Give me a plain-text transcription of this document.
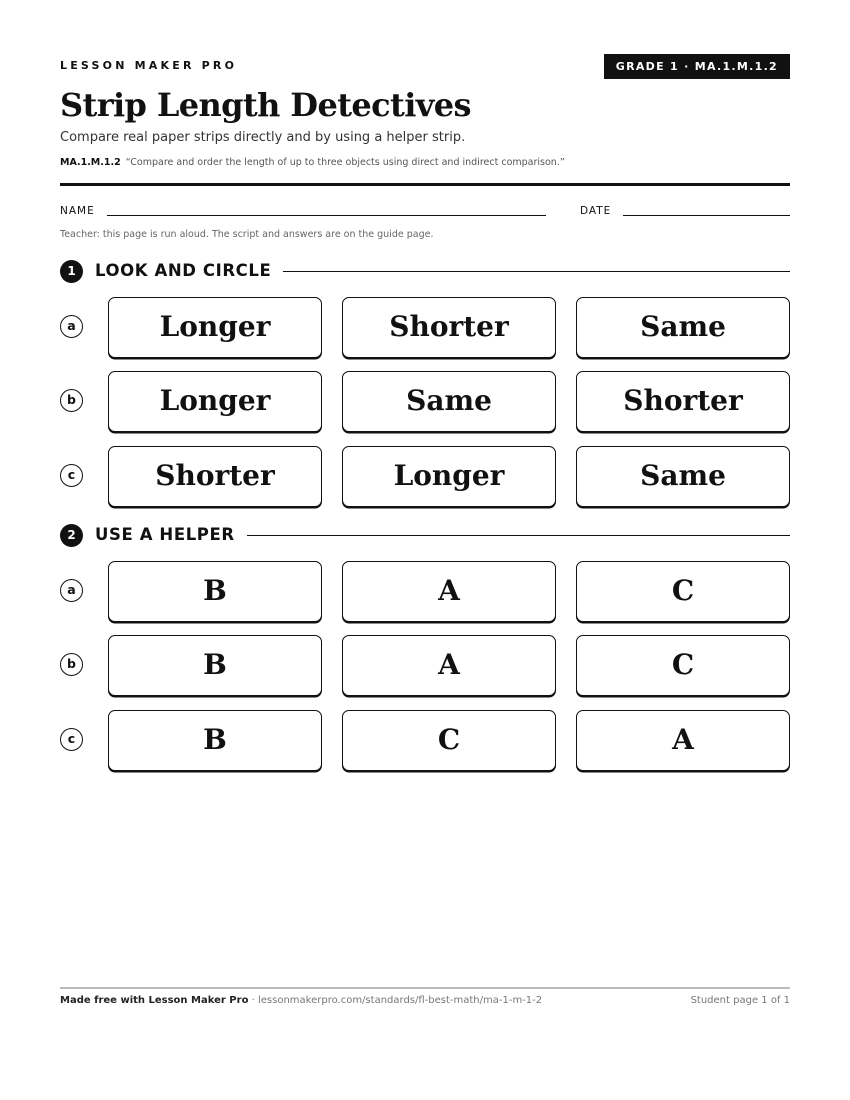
LESSON MAKER PRO	GRADE 1 · MA.1.M.1.2
Strip Length Detectives
Compare real paper strips directly and by using a helper strip.
MA.1.M.1.2 “Compare and order the length of up to three objects using direct and indirect comparison.”
NAME	DATE
Teacher: this page is run aloud. The script and answers are on the guide page.
1	LOOK AND CIRCLE
a	Longer	Shorter	Same
b	Longer	Same	Shorter
c	Shorter	Longer	Same
2	USE A HELPER
a	B	A	C
b	B	A	C
c	B	C	A
Made free with Lesson Maker Pro · lessonmakerpro.com/standards/fl-best-math/ma-1-m-1-2	Student page 1 of 1
